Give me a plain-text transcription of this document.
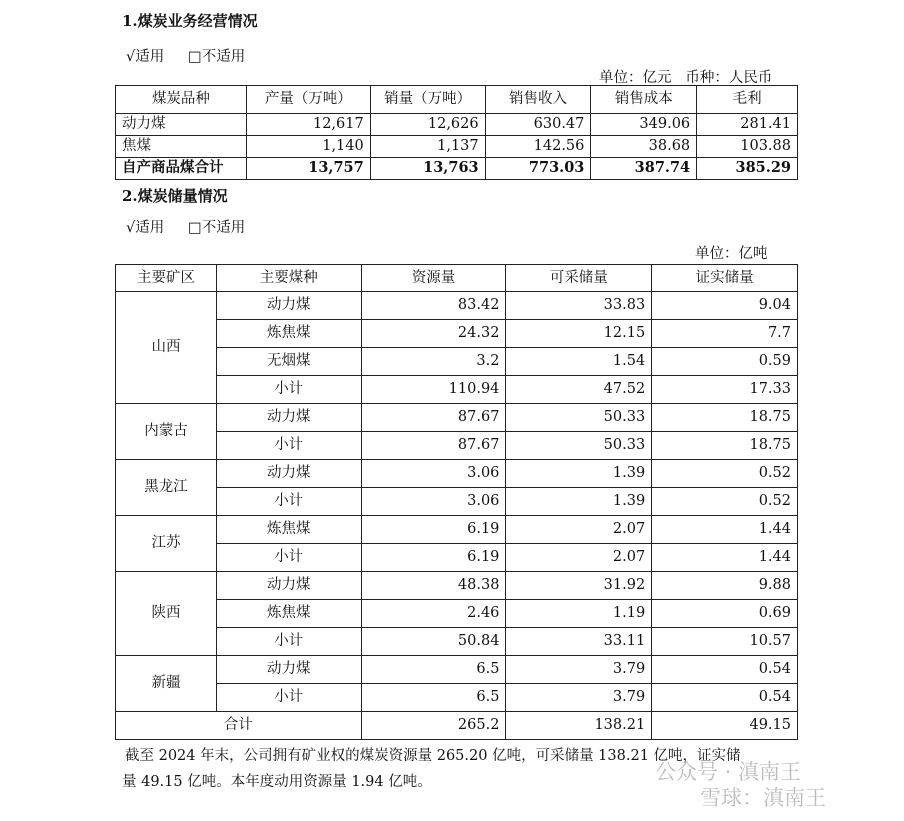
1.煤炭业务经营情况
√适用 □不适用
单位：亿元   币种：人民币
煤炭品种	产量（万吨）	销量（万吨）	销售收入	销售成本	毛利
动力煤	12,617	12,626	630.47	349.06	281.41
焦煤	1,140	1,137	142.56	38.68	103.88
自产商品煤合计	13,757	13,763	773.03	387.74	385.29
2.煤炭储量情况
√适用 □不适用
单位：亿吨
主要矿区	主要煤种	资源量	可采储量	证实储量
山西	动力煤	83.42	33.83	9.04
	炼焦煤	24.32	12.15	7.7
	无烟煤	3.2	1.54	0.59
	小计	110.94	47.52	17.33
内蒙古	动力煤	87.67	50.33	18.75
	小计	87.67	50.33	18.75
黑龙江	动力煤	3.06	1.39	0.52
	小计	3.06	1.39	0.52
江苏	炼焦煤	6.19	2.07	1.44
	小计	6.19	2.07	1.44
陕西	动力煤	48.38	31.92	9.88
	炼焦煤	2.46	1.19	0.69
	小计	50.84	33.11	10.57
新疆	动力煤	6.5	3.79	0.54
	小计	6.5	3.79	0.54
合计		265.2	138.21	49.15
截至 2024 年末，公司拥有矿业权的煤炭资源量 265.20 亿吨，可采储量 138.21 亿吨，证实储
量 49.15 亿吨。本年度动用资源量 1.94 亿吨。	公众号 · 滇南王
雪球：滇南王
